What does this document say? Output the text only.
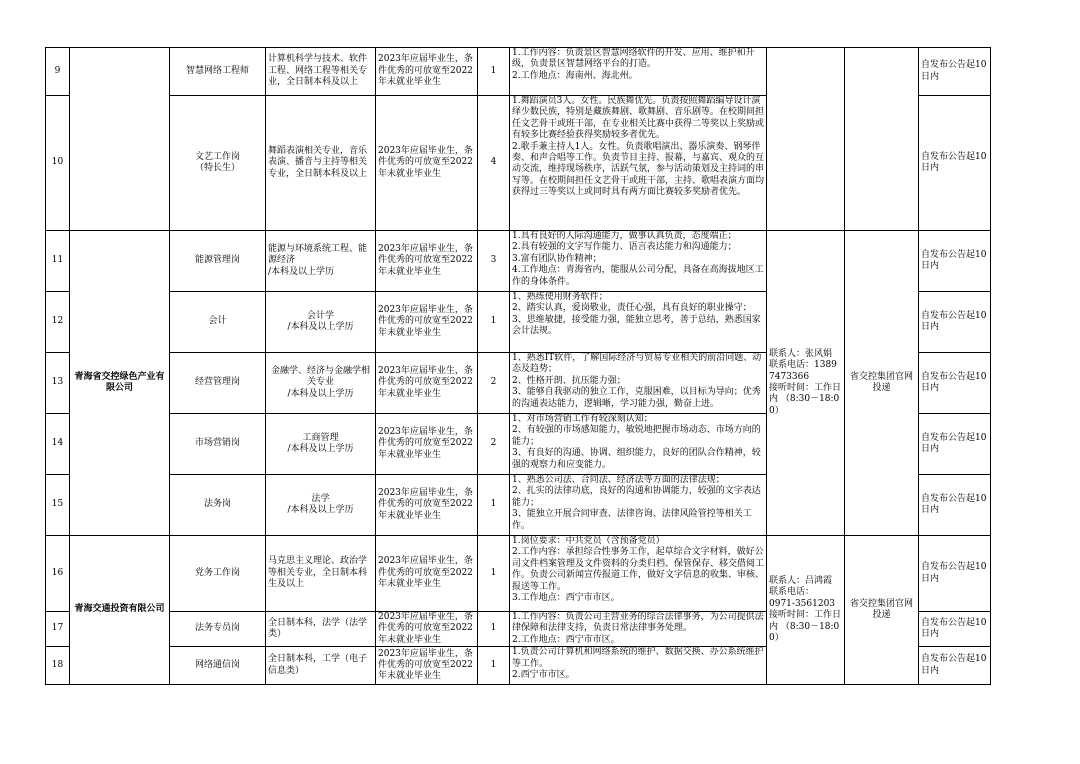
9		智慧网络工程师	计算机科学与技术、软件工程、网络工程等相关专业，全日制本科及以上	2023年应届毕业生，条件优秀的可放宽至2022年未就业毕业生	1	1.工作内容：负责景区智慧网络软件的开发、应用、维护和升级，负责景区智慧网络平台的打造。
2.工作地点：海南州、海北州。			自发布公告起10日内
10		文艺工作岗
（特长生）	舞蹈表演相关专业，音乐表演、播音与主持等相关专业，全日制本科及以上	2023年应届毕业生，条件优秀的可放宽至2022年未就业毕业生	4	1.舞蹈演员3人。女性。民族舞优先。负责按照舞蹈编导设计演绎少数民族，特别是藏族舞剧、歌舞剧、音乐剧等。在校期间担任文艺骨干或班干部，在专业相关比赛中获得二等奖以上奖励或有较多比赛经验获得奖励较多者优先。
2.歌手兼主持人1人。女性。负责歌唱演出、器乐演奏、钢琴伴奏、和声合唱等工作。负责节目主持、报幕，与嘉宾、观众的互动交流，维持现场秩序，活跃气氛，参与活动策划及主持词的串写等。在校期间担任文艺骨干或班干部，主持、歌唱表演方面均获得过三等奖以上或同时具有两方面比赛较多奖励者优先。			自发布公告起10日内
11	青海省交控绿色产业有限公司	能源管理岗	能源与环境系统工程、能源经济
/本科及以上学历	2023年应届毕业生，条件优秀的可放宽至2022年未就业毕业生	3	1.具有良好的人际沟通能力，做事认真负责，态度端正；
2.具有较强的文字写作能力、语言表达能力和沟通能力；
3.富有团队协作精神；
4.工作地点：青海省内，能服从公司分配，具备在高海拔地区工作的身体条件。	联系人：张风娟
联系电话：13897473366
接听时间：工作日内 （8:30－18:00）	省交控集团官网投递	自发布公告起10日内
12		会计	会计学
/本科及以上学历	2023年应届毕业生，条件优秀的可放宽至2022年未就业毕业生	1	1、熟练使用财务软件；
2、踏实认真，爱岗敬业，责任心强，具有良好的职业操守；
3、思维敏捷，接受能力强，能独立思考，善于总结，熟悉国家会计法规。			自发布公告起10日内
13		经营管理岗	金融学、经济与金融学相关专业
/本科及以上学历	2023年应届毕业生，条件优秀的可放宽至2022年未就业毕业生	2	1、熟悉IT软件，了解国际经济与贸易专业相关的前沿问题、动态及趋势；
2、性格开朗、抗压能力强；
3、能够自我驱动的独立工作，克服困难，以目标为导向；优秀的沟通表达能力，逻辑晰，学习能力强，勤奋上进。			自发布公告起10日内
14		市场营销岗	工商管理
/本科及以上学历	2023年应届毕业生，条件优秀的可放宽至2022年未就业毕业生	2	1、对市场营销工作有较深刻认知；
2、有较强的市场感知能力，敏锐地把握市场动态、市场方向的能力；
3、有良好的沟通、协调、组织能力，良好的团队合作精神，较强的观察力和应变能力。			自发布公告起10日内
15		法务岗	法学
/本科及以上学历	2023年应届毕业生，条件优秀的可放宽至2022年未就业毕业生	1	1、熟悉公司法、合同法、经济法等方面的法律法规；
2、扎实的法律功底，良好的沟通和协调能力，较强的文字表达能力；
3、能独立开展合同审查、法律咨询、法律风险管控等相关工作。			自发布公告起10日内
16	青海交通投资有限公司	党务工作岗	马克思主义理论、政治学等相关专业，全日制本科生及以上	2023年应届毕业生，条件优秀的可放宽至2022年未就业毕业生	1	1.岗位要求：中共党员（含预备党员）
2.工作内容：承担综合性事务工作，起草综合文字材料，做好公司文件档案管理及文件资料的分类归档、保管保存、移交借阅工作。负责公司新闻宣传报道工作，做好文字信息的收集、审核、报送等工作。
3.工作地点：西宁市市区。	联系人：吕鸿霞
联系电话：
0971-3561203
接听时间：工作日内 （8:30－18:00）	省交控集团官网投递	自发布公告起10日内
17		法务专员岗	全日制本科，法学（法学类）	2023年应届毕业生，条件优秀的可放宽至2022年未就业毕业生	1	1.工作内容：负责公司主营业务的综合法律事务，为公司提供法律保障和法律支持，负责日常法律事务处理。
2.工作地点：西宁市市区。			自发布公告起10日内
18		网络通信岗	全日制本科，工学（电子信息类）	2023年应届毕业生，条件优秀的可放宽至2022年未就业毕业生	1	1.负责公司计算机和网络系统的维护、数据交换、办公系统维护等工作。
2.西宁市市区。			自发布公告起10日内
